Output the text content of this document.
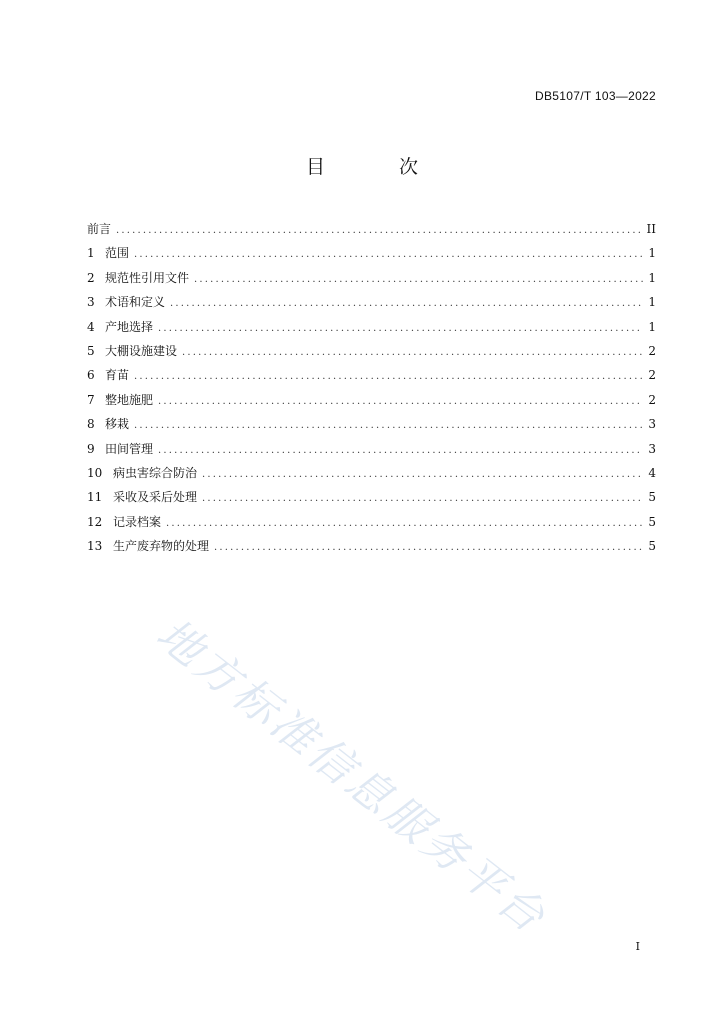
DB5107/T 103—2022
目 次
前言 .....	II
1 范围 .....	1
2 规范性引用文件 .....	1
3 术语和定义 .....	1
4 产地选择 .....	1
5 大棚设施建设 .....	2
6 育苗 .....	2
7 整地施肥 .....	2
8 移栽 .....	3
9 田间管理 .....	3
10 病虫害综合防治 .....	4
11 采收及采后处理 .....	5
12 记录档案 .....	5
13 生产废弃物的处理 .....	5
地方标准信息服务平台
I
